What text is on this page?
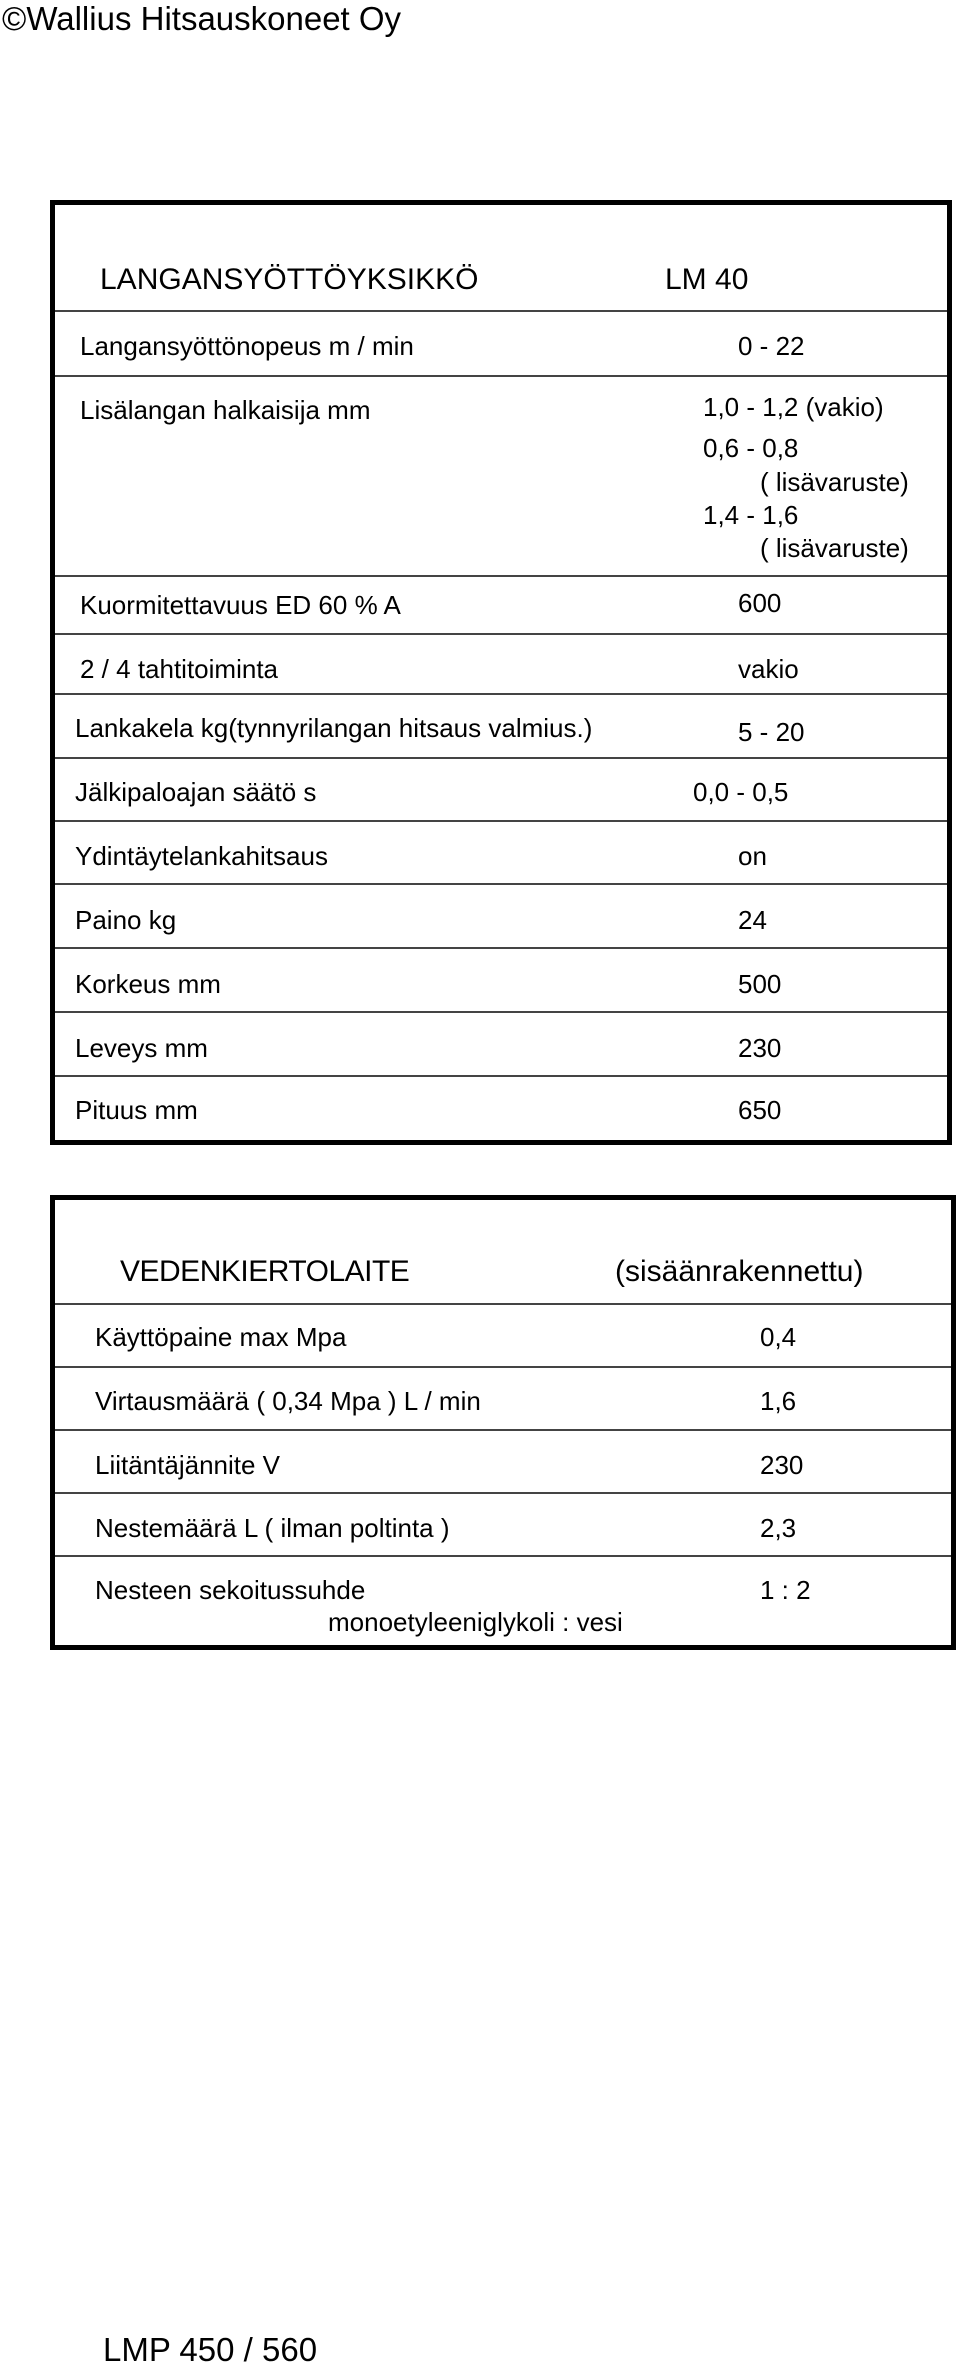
©Wallius Hitsauskoneet Oy
LANGANSYÖTTÖYKSIKKÖ	LM 40
Langansyöttönopeus m / min	0 - 22
Lisälangan halkaisija mm	1,0 - 1,2 (vakio)
0,6 - 0,8
( lisävaruste)
1,4 - 1,6
( lisävaruste)
Kuormitettavuus ED 60 % A	600
2 / 4 tahtitoiminta	vakio
Lankakela kg(tynnyrilangan hitsaus valmius.)	5 - 20
Jälkipaloajan säätö s	0,0 - 0,5
Ydintäytelankahitsaus	on
Paino kg	24
Korkeus mm	500
Leveys mm	230
Pituus mm	650
VEDENKIERTOLAITE	(sisäänrakennettu)
Käyttöpaine max Mpa	0,4
Virtausmäärä ( 0,34 Mpa ) L / min	1,6
Liitäntäjännite V	230
Nestemäärä L ( ilman poltinta )	2,3
Nesteen sekoitussuhde	1 : 2
monoetyleeniglykoli : vesi
LMP 450 / 560
